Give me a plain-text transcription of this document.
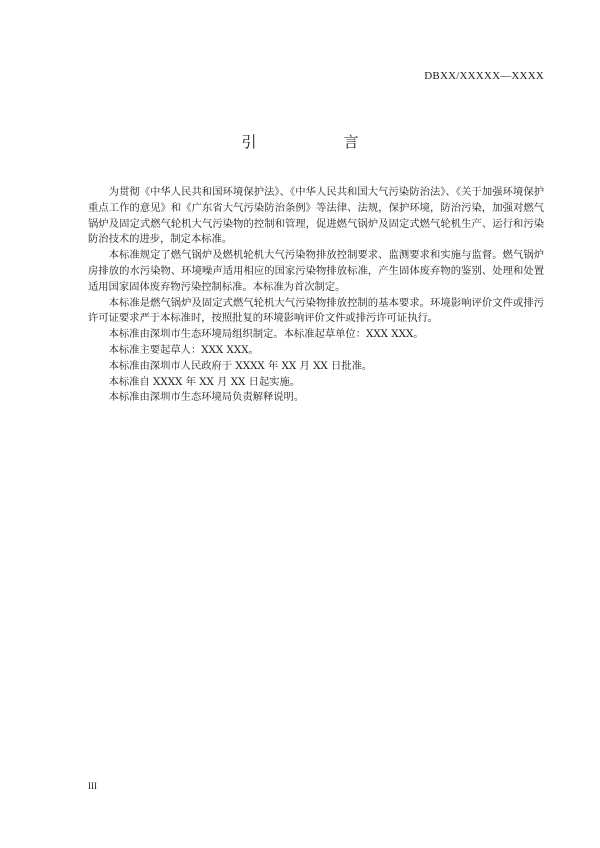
DBXX/XXXXX—XXXX
引　言

为贯彻《中华人民共和国环境保护法》、《中华人民共和国大气污染防治法》、《关于加强环境保护重点工作的意见》和《广东省大气污染防治条例》等法律、法规，保护环境，防治污染，加强对燃气锅炉及固定式燃气轮机大气污染物的控制和管理，促进燃气锅炉及固定式燃气轮机生产、运行和污染防治技术的进步，制定本标准。

本标准规定了燃气锅炉及燃机轮机大气污染物排放控制要求、监测要求和实施与监督。燃气锅炉房排放的水污染物、环境噪声适用相应的国家污染物排放标准，产生固体废弃物的鉴别、处理和处置适用国家固体废弃物污染控制标准。本标准为首次制定。

本标准是燃气锅炉及固定式燃气轮机大气污染物排放控制的基本要求。环境影响评价文件或排污许可证要求严于本标准时，按照批复的环境影响评价文件或排污许可证执行。

本标准由深圳市生态环境局组织制定。本标准起草单位：XXX XXX。

本标准主要起草人：XXX XXX。

本标准由深圳市人民政府于 XXXX 年 XX 月 XX 日批准。

本标准自 XXXX 年 XX 月 XX 日起实施。

本标准由深圳市生态环境局负责解释说明。

III
